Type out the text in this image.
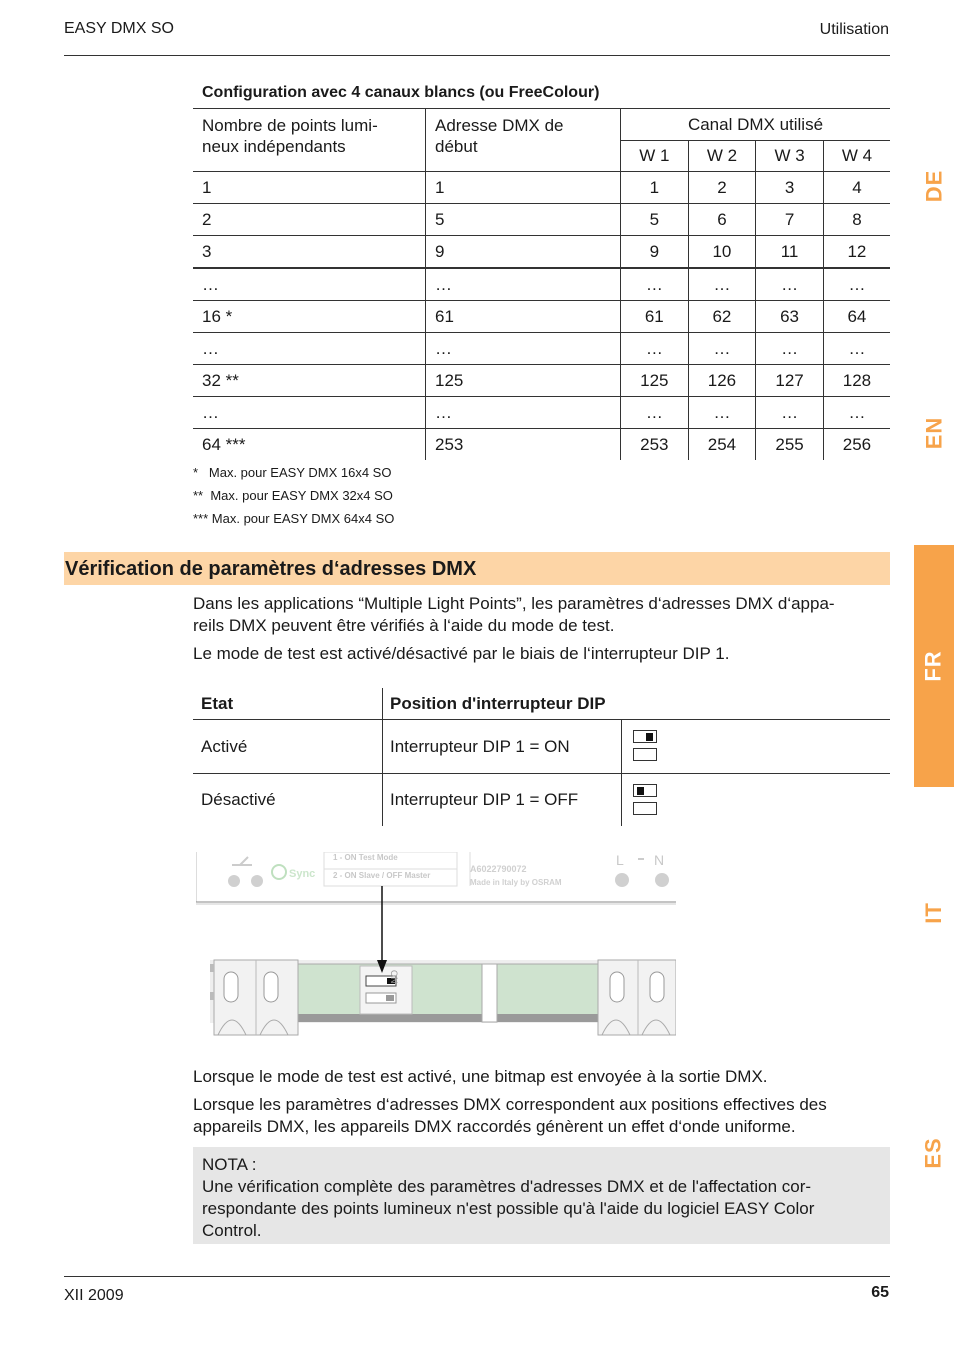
EASY DMX SO	Utilisation
DE
EN
FR
IT
ES
Configuration avec 4 canaux blancs (ou FreeColour)
Nombre de points lumi-
neux indépendants	Adresse DMX de
début	Canal DMX utilisé			
		W 1	W 2	W 3	W 4
1	1	1	2	3	4
2	5	5	6	7	8
3	9	9	10	11	12
…	…	…	…	…	…
16 *	61	61	62	63	64
…	…	…	…	…	…
32 **	125	125	126	127	128
…	…	…	…	…	…
64 ***	253	253	254	255	256
*   Max. pour EASY DMX 16x4 SO
**  Max. pour EASY DMX 32x4 SO
*** Max. pour EASY DMX 64x4 SO
Vérification de paramètres d‘adresses DMX
Dans les applications “Multiple Light Points”, les paramètres d‘adresses DMX d‘appa-
reils DMX peuvent être vérifiés à l‘aide du mode de test.
Le mode de test est activé/désactivé par le biais de l‘interrupteur DIP 1.
Etat	Position d'interrupteur DIP
Activé	Interrupteur DIP 1 = ON
Désactivé	Interrupteur DIP 1 = OFF
1 - ON Test Mode
2 - ON Slave / OFF Master
Sync	A6022790072
Made in Italy by OSRAM
L N
ON
Lorsque le mode de test est activé, une bitmap est envoyée à la sortie DMX.
Lorsque les paramètres d‘adresses DMX correspondent aux positions effectives des
appareils DMX, les appareils DMX raccordés génèrent un effet d‘onde uniforme.
NOTA :
Une vérification complète des paramètres d'adresses DMX et de l'affectation cor-
respondante des points lumineux n'est possible qu'à l'aide du logiciel EASY Color
Control.
XII 2009	65
